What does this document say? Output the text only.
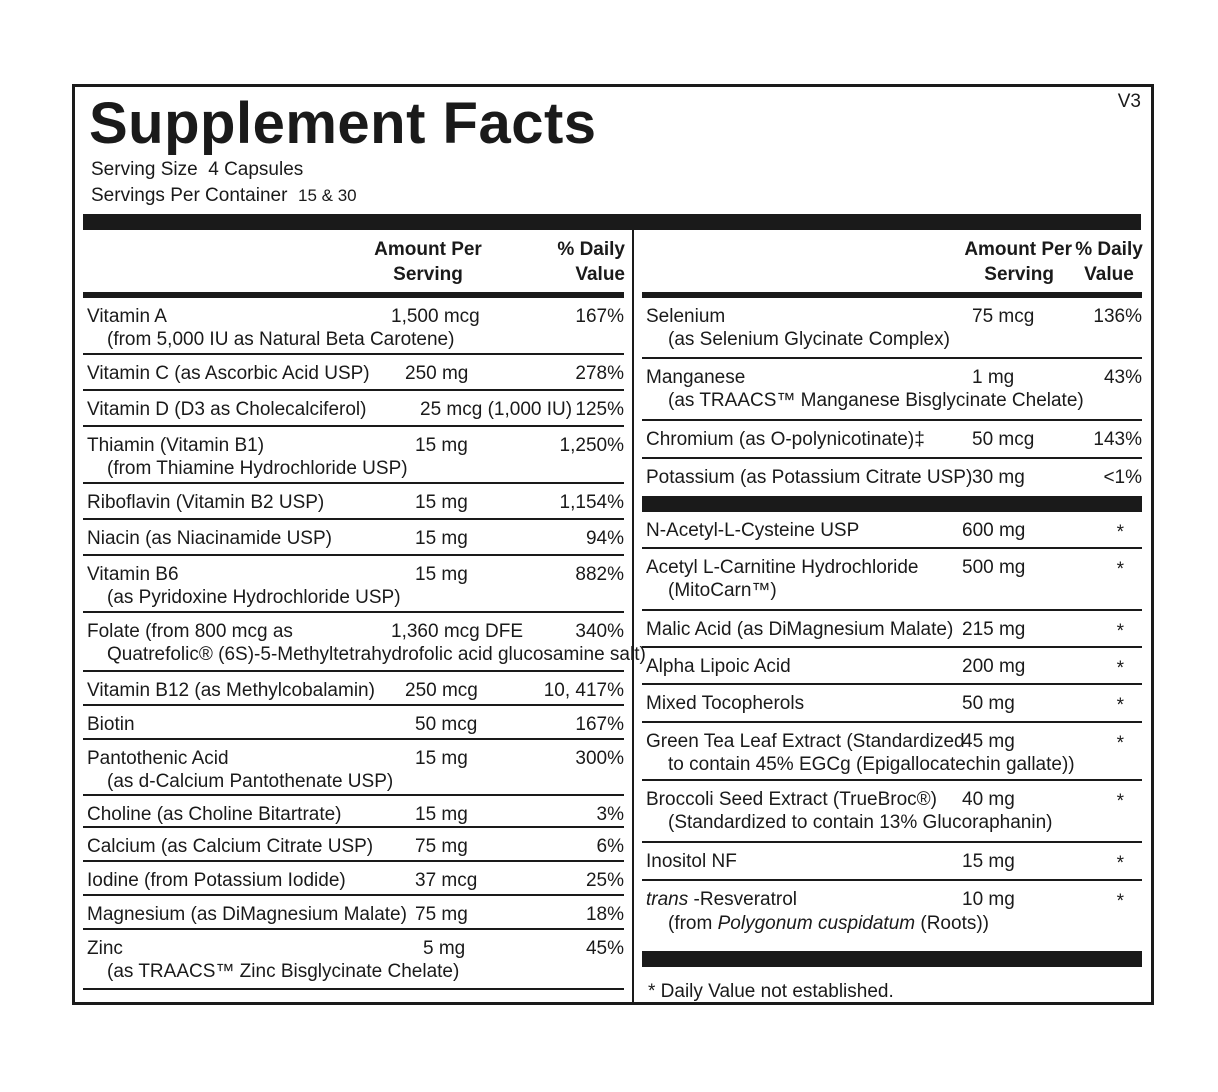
Supplement Facts	V3
Serving Size 4 Capsules
Servings Per Container 15 & 30
Amount Per
Serving
% Daily
Value
Vitamin A
(from 5,000 IU as Natural Beta Carotene)
1,500 mcg	167%
Vitamin C (as Ascorbic Acid USP) 250 mg	278%
Vitamin D (D3 as Cholecalciferol)	25 mcg (1,000 IU) 125%
Thiamin (Vitamin B1)
(from Thiamine Hydrochloride USP)
15 mg	1,250%
Riboflavin (Vitamin B2 USP)	15 mg	1,154%
Niacin (as Niacinamide USP)	15 mg	94%
Vitamin B6
(as Pyridoxine Hydrochloride USP)
15 mg	882%
Folate (from 800 mcg as
Quatrefolic® (6S)-5-Methyltetrahydrofolic acid glucosamine salt)
1,360 mcg DFE	340%
Vitamin B12 (as Methylcobalamin) 250 mcg	10, 417%
Biotin	50 mcg	167%
Pantothenic Acid
(as d-Calcium Pantothenate USP)
15 mg	300%
Choline (as Choline Bitartrate)	15 mg	3%
Calcium (as Calcium Citrate USP) 75 mg	6%
Iodine (from Potassium Iodide)	37 mcg	25%
Magnesium (as DiMagnesium Malate) 75 mg	18%
Zinc
(as TRAACS™ Zinc Bisglycinate Chelate)
5 mg	45%
Amount Per
Serving
% Daily
Value
Selenium
(as Selenium Glycinate Complex)
75 mcg	136%
Manganese
(as TRAACS™ Manganese Bisglycinate Chelate)
1 mg	43%
Chromium (as O-polynicotinate)‡ 50 mcg	143%
Potassium (as Potassium Citrate USP) 30 mg	<1%
N-Acetyl-L-Cysteine USP	600 mg	*
Acetyl L-Carnitine Hydrochloride
(MitoCarn™)
500 mg	*
Malic Acid (as DiMagnesium Malate) 215 mg	*
Alpha Lipoic Acid	200 mg	*
Mixed Tocopherols	50 mg	*
Green Tea Leaf Extract (Standardized
to contain 45% EGCg (Epigallocatechin gallate))
45 mg	*
Broccoli Seed Extract (TrueBroc®)
(Standardized to contain 13% Glucoraphanin)
40 mg	*
Inositol NF	15 mg	*
trans -Resveratrol
(from Polygonum cuspidatum (Roots))
10 mg	*
* Daily Value not established.
